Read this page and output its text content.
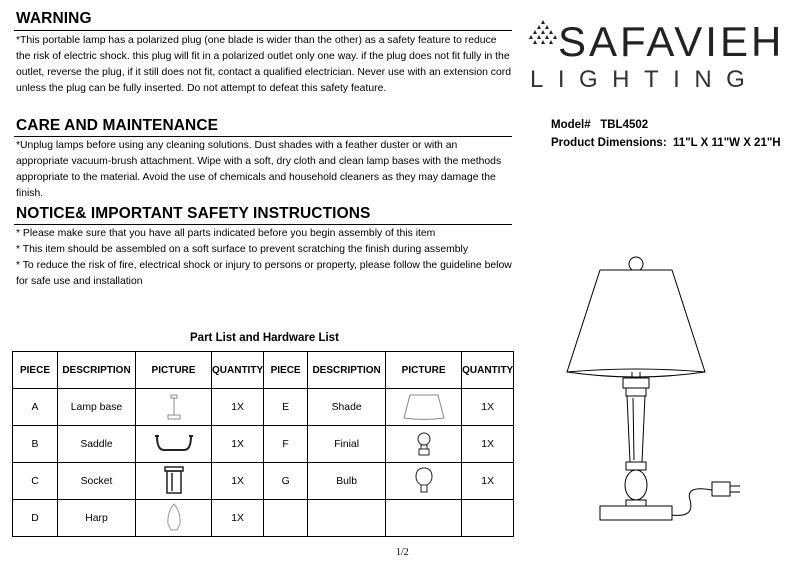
WARNING

*This portable lamp has a polarized plug (one blade is wider than the other) as a safety feature to reduce the risk of electric shock. this plug will fit in a polarized outlet only one way. if the plug does not fit fully in the outlet, reverse the plug, if it still does not fit, contact a qualified electrician. Never use with an extension cord unless the plug can be fully inserted. Do not attempt to defeat this safety feature.

CARE AND MAINTENANCE

*Unplug lamps before using any cleaning solutions. Dust shades with a feather duster or with an appropriate vacuum-brush attachment. Wipe with a soft, dry cloth and clean lamp bases with the methods appropriate to the material. Avoid the use of chemicals and household cleaners as they may damage the finish.

NOTICE& IMPORTANT SAFETY INSTRUCTIONS

* Please make sure that you have all parts indicated before you begin assembly of this item

* This item should be assembled on a soft surface to prevent scratching the finish during assembly

* To reduce the risk of fire, electrical shock or injury to persons or property, please follow the guideline below for safe use and installation

SAFAVIEH
LIGHTING
Model# TBL4502
Product Dimensions: 11"L X 11"W X 21"H
Part List and Hardware List
PIECE	DESCRIPTION	PICTURE	QUANTITY	PIECE	DESCRIPTION	PICTURE	QUANTITY
A	Lamp base		1X	E	Shade		1X
B	Saddle		1X	F	Finial		1X
C	Socket		1X	G	Bulb		1X
D	Harp		1X				
1/2
